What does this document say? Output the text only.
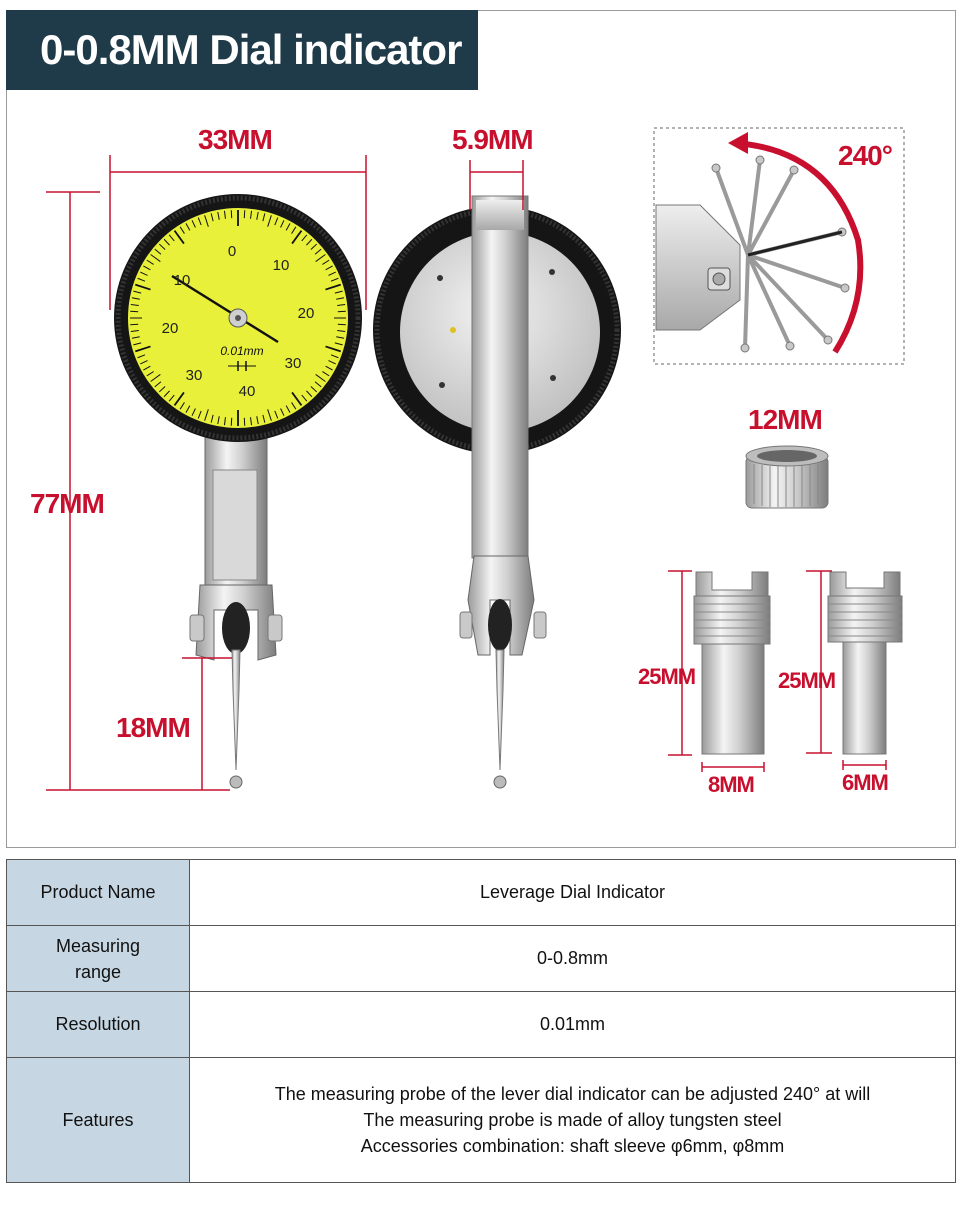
0-0.8MM Dial indicator
0.01mm
0
10
20
30
40
30
20
10
33MM	5.9MM
77MM
18MM
240°
12MM
25MM
8MM
25MM
6MM
Product Name	Leverage Dial Indicator
Measuring range	0-0.8mm
Resolution	0.01mm
Features	The measuring probe of the lever dial indicator can be adjusted 240° at will
The measuring probe is made of alloy tungsten steel
Accessories combination: shaft sleeve φ6mm, φ8mm
